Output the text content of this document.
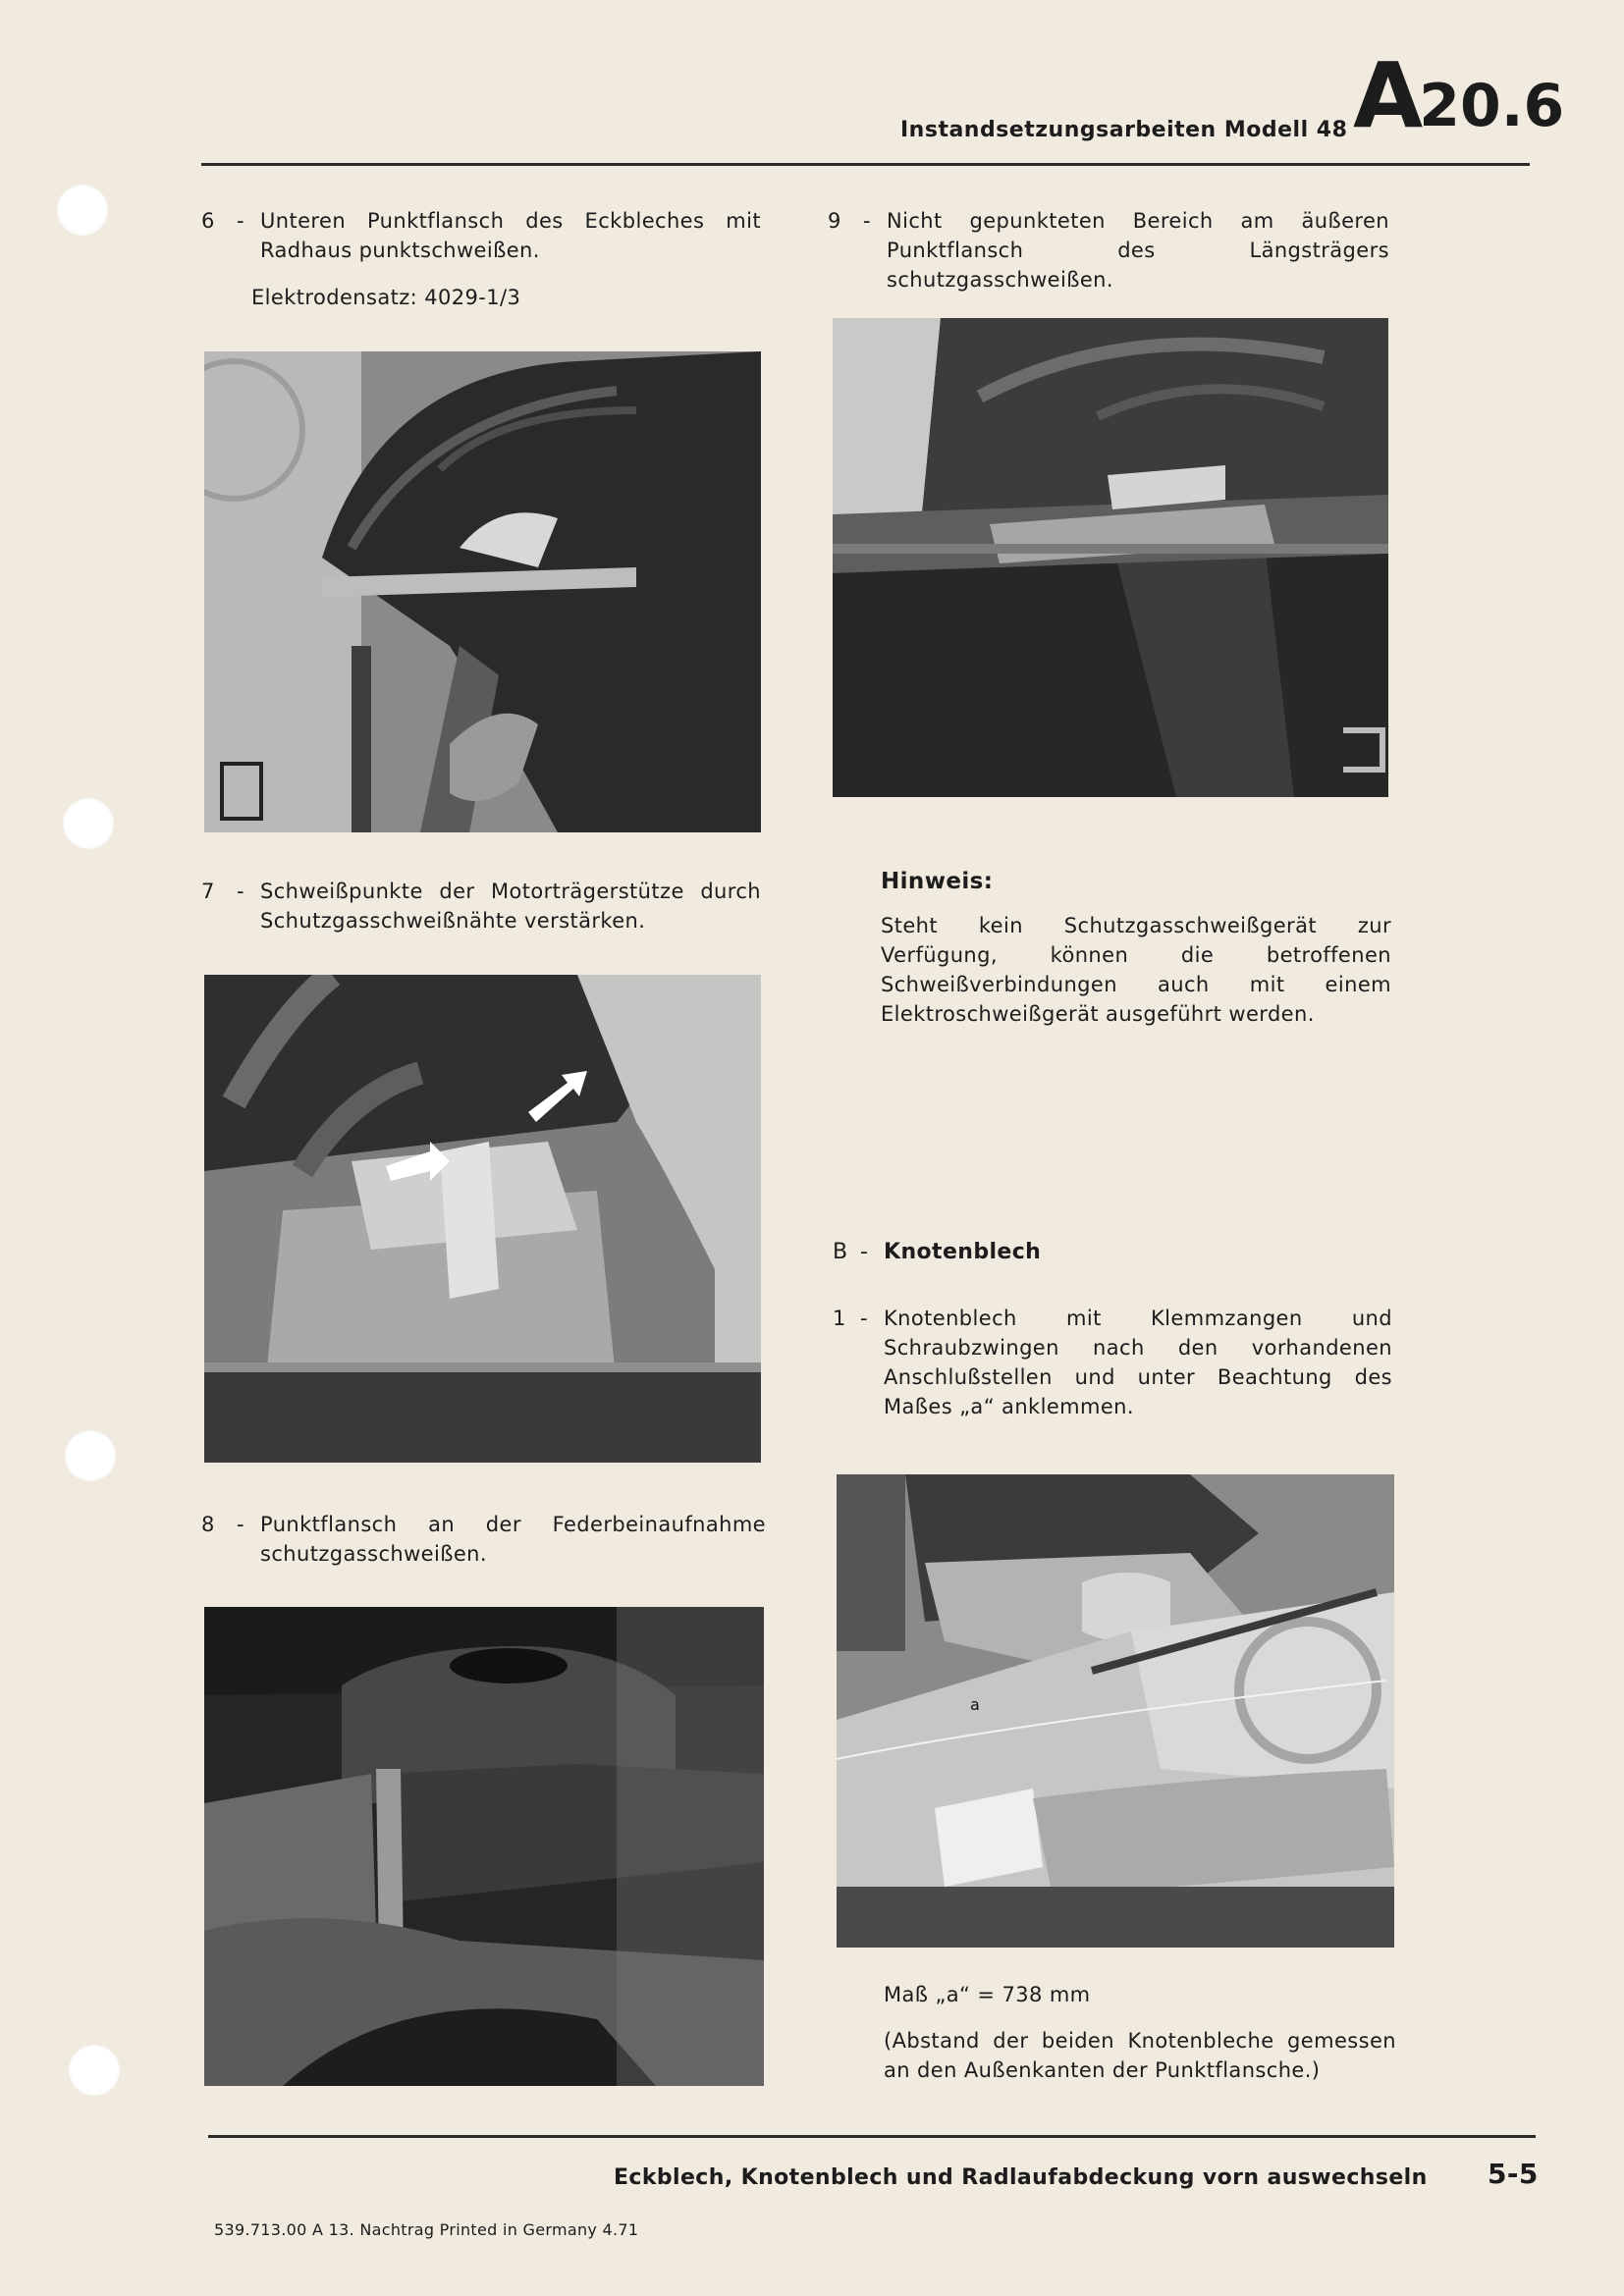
Instandsetzungsarbeiten Modell 48 A
20.6
6	- Unteren Punktflansch des Eckbleches mit Radhaus punktschweißen.
Elektrodensatz: 4029-1/3
7	- Schweißpunkte der Motorträgerstütze durch Schutzgasschweißnähte verstärken.
8	- Punktflansch an der Federbeinaufnahme schutzgasschweißen.
9	- Nicht gepunkteten Bereich am äußeren Punktflansch des Längsträgers schutzgasschweißen.
Hinweis:
Steht kein Schutzgasschweißgerät zur Verfügung, können die betroffenen Schweißverbindungen auch mit einem Elektroschweißgerät ausgeführt werden.
B - Knotenblech
1 - Knotenblech mit Klemmzangen und Schraubzwingen nach den vorhandenen Anschlußstellen und unter Beachtung des Maßes „a“ anklemmen.
a
Maß „a“ = 738 mm
(Abstand der beiden Knotenbleche gemessen an den Außenkanten der Punktflansche.)
Eckblech, Knotenblech und Radlaufabdeckung vorn auswechseln 5-5
539.713.00 A 13. Nachtrag Printed in Germany 4.71
